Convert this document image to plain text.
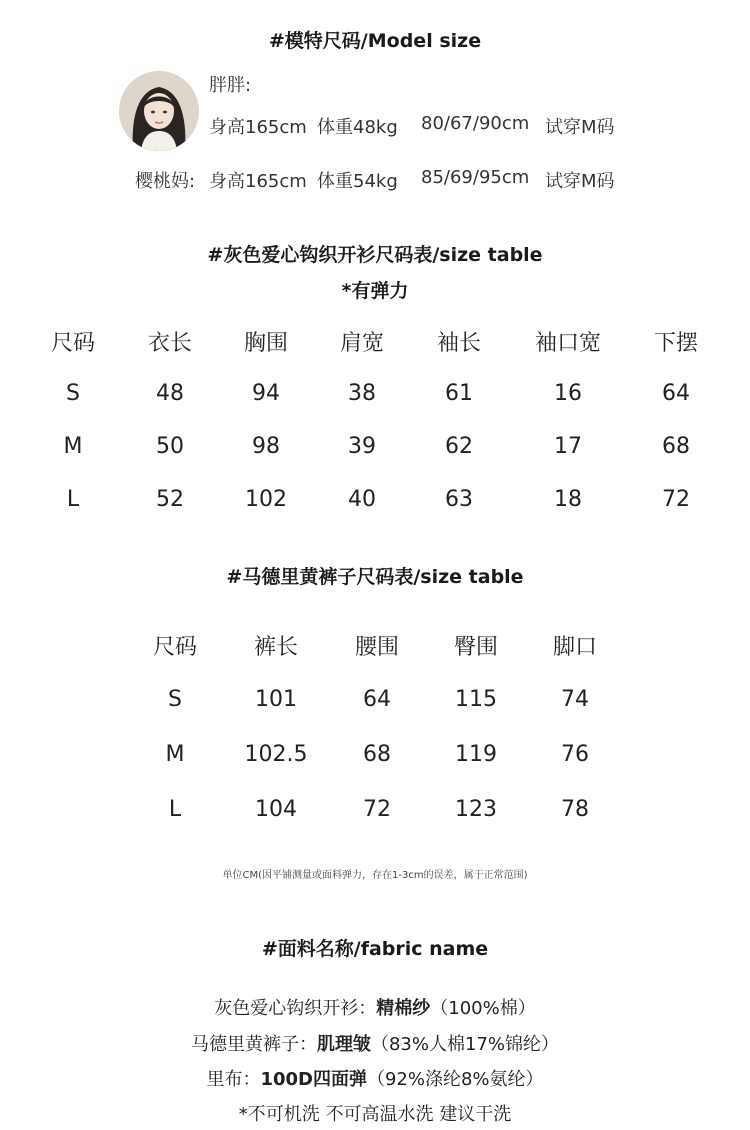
#模特尺码/Model size
胖胖:
身高165cm 体重48kg 80/67/90cm 试穿M码
樱桃妈: 身高165cm 体重54kg 85/69/95cm 试穿M码
#灰色爱心钩织开衫尺码表/size table
*有弹力
尺码 衣长 胸围 肩宽 袖长 袖口宽 下摆
S	48	94	38	61	16	64
M	50	98	39	62	17	68
L	52	102	40	63	18	72
#马德里黄裤子尺码表/size table
尺码	裤长	腰围 臀围 脚口
S	101	64	115	74
M	102.5	68	119	76
L	104	72	123	78
单位CM(因平铺测量或面料弹力，存在1-3cm的误差，属于正常范围)
#面料名称/fabric name
灰色爱心钩织开衫：精棉纱（100%棉）
马德里黄裤子：肌理皱（83%人棉17%锦纶）
里布：100D四面弹（92%涤纶8%氨纶）
*不可机洗 不可高温水洗 建议干洗
